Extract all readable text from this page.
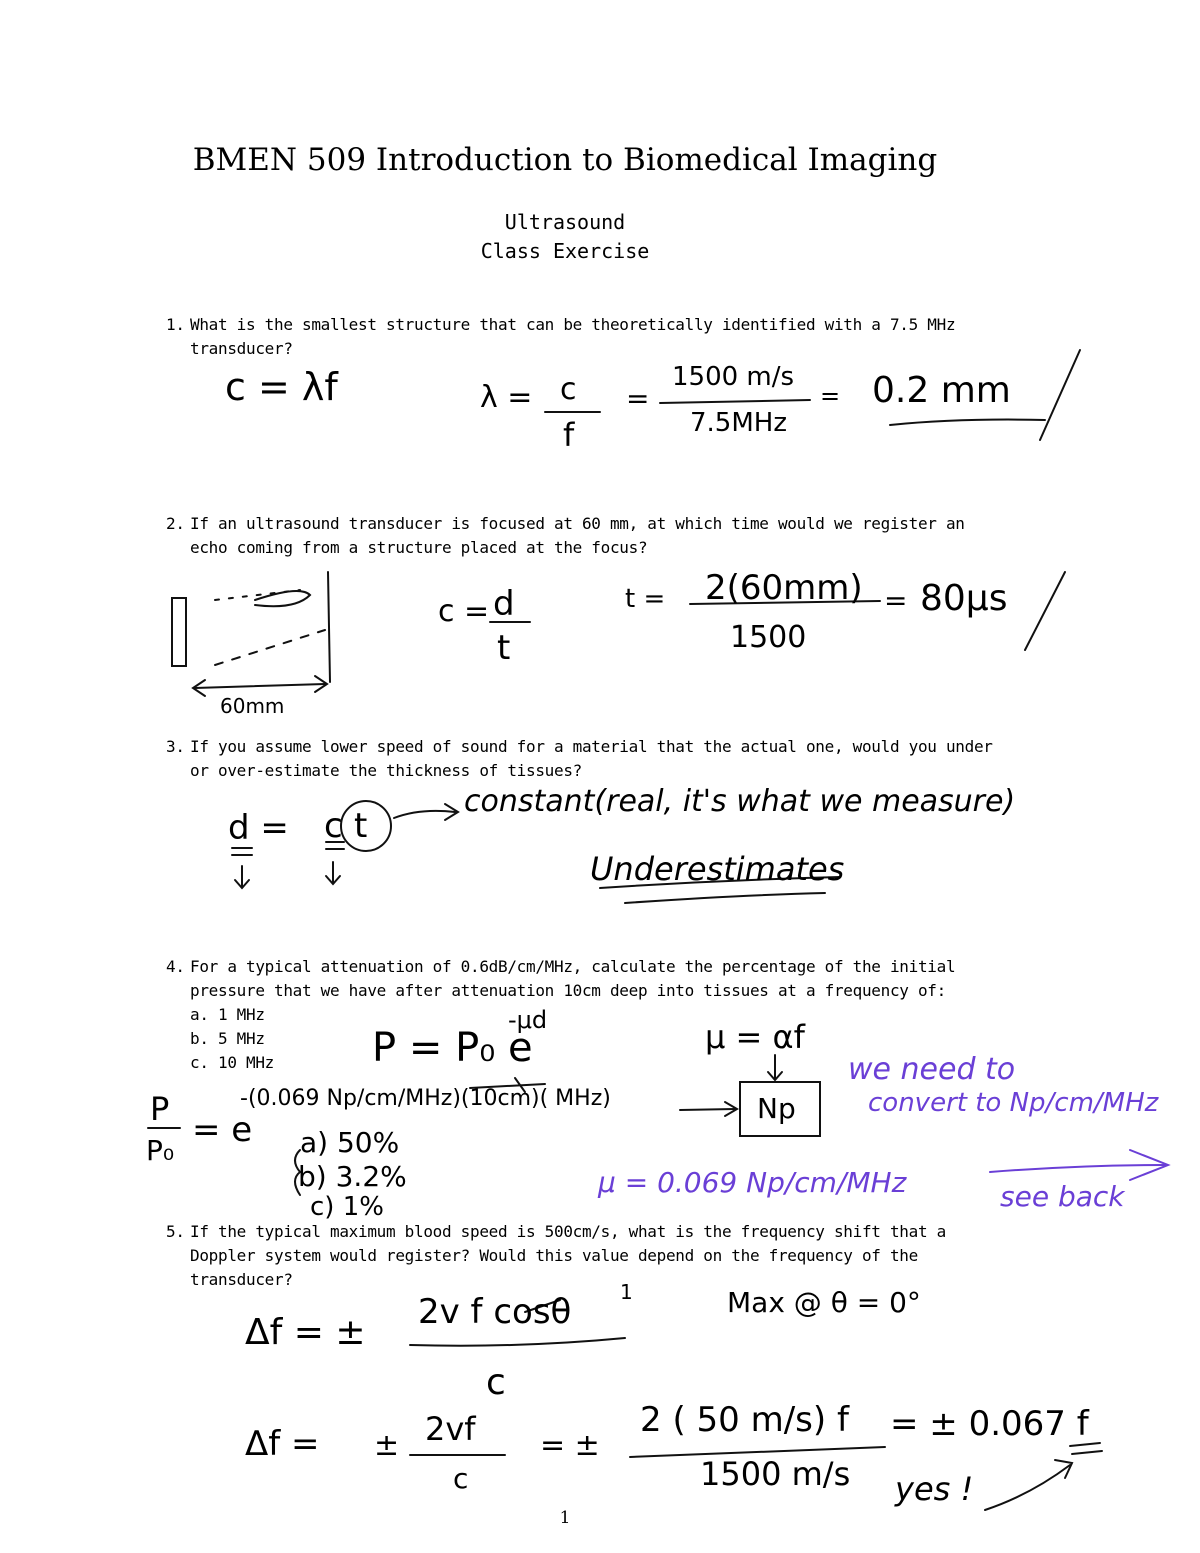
BMEN 509 Introduction to Biomedical Imaging
Ultrasound
Class Exercise
1. What is the smallest structure that can be theoretically identified with a 7.5 MHz transducer?
2. If an ultrasound transducer is focused at 60 mm, at which time would we register an echo coming from a structure placed at the focus?
3. If you assume lower speed of sound for a material that the actual one, would you under or over-estimate the thickness of tissues?
4. For a typical attenuation of 0.6dB/cm/MHz, calculate the percentage of the initial pressure that we have after attenuation 10cm deep into tissues at a frequency of:
a. 1 MHz
b. 5 MHz
c. 10 MHz
5. If the typical maximum blood speed is 500cm/s, what is the frequency shift that a Doppler system would register? Would this value depend on the frequency of the transducer?
c = λf	λ = c
f
=
1500 m/s
7.5MHz
= 0.2 mm
60mm
c = d
t
t = 2(60mm)
1500
= 80μs
d = c t
constant(real, it's what we measure)
Underestimates
P = P₀ e
-μd	μ = αf
Np
we need to
convert to Np/cm/MHz
P
P₀
= e
-(0.069 Np/cm/MHz)(10cm)( MHz)
a) 50%
b) 3.2%
c) 1%
μ = 0.069 Np/cm/MHz	see back
Δf = ± 2v f cosθ 1
c
Max @ θ = 0°
Δf = ± 2vf
c
= ±
2 ( 50 m/s) f
1500 m/s
= ± 0.067 f
yes !
1
